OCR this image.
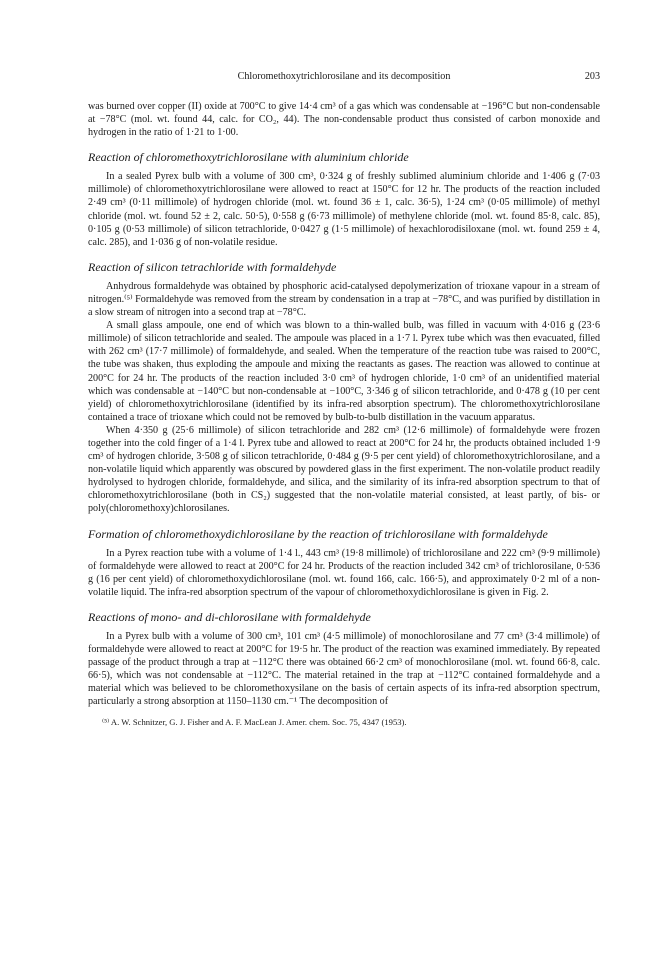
Chloromethoxytrichlorosilane and its decomposition	203

was burned over copper (II) oxide at 700°C to give 14·4 cm³ of a gas which was condensable at −196°C but non-condensable at −78°C (mol. wt. found 44, calc. for CO₂, 44). The non-condensable product thus consisted of carbon monoxide and hydrogen in the ratio of 1·21 to 1·00.

Reaction of chloromethoxytrichlorosilane with aluminium chloride

In a sealed Pyrex bulb with a volume of 300 cm³, 0·324 g of freshly sublimed aluminium chloride and 1·406 g (7·03 millimole) of chloromethoxytrichlorosilane were allowed to react at 150°C for 12 hr. The products of the reaction included 2·49 cm³ (0·11 millimole) of hydrogen chloride (mol. wt. found 36 ± 1, calc. 36·5), 1·24 cm³ (0·05 millimole) of methyl chloride (mol. wt. found 52 ± 2, calc. 50·5), 0·558 g (6·73 millimole) of methylene chloride (mol. wt. found 85·8, calc. 85), 0·105 g (0·53 millimole) of silicon tetrachloride, 0·0427 g (1·5 millimole) of hexachlorodisiloxane (mol. wt. found 259 ± 4, calc. 285), and 1·036 g of non-volatile residue.

Reaction of silicon tetrachloride with formaldehyde

Anhydrous formaldehyde was obtained by phosphoric acid-catalysed depolymerization of trioxane vapour in a stream of nitrogen.⁽⁵⁾ Formaldehyde was removed from the stream by condensation in a trap at −78°C, and was purified by distillation in a slow stream of nitrogen into a second trap at −78°C.

A small glass ampoule, one end of which was blown to a thin-walled bulb, was filled in vacuum with 4·016 g (23·6 millimole) of silicon tetrachloride and sealed. The ampoule was placed in a 1·7 l. Pyrex tube which was then evacuated, filled with 262 cm³ (17·7 millimole) of formaldehyde, and sealed. When the temperature of the reaction tube was raised to 200°C, the tube was shaken, thus exploding the ampoule and mixing the reactants as gases. The reaction was allowed to continue at 200°C for 24 hr. The products of the reaction included 3·0 cm³ of hydrogen chloride, 1·0 cm³ of an unidentified material which was condensable at −140°C but non-condensable at −100°C, 3·346 g of silicon tetrachloride, and 0·478 g (10 per cent yield) of chloromethoxytrichlorosilane (identified by its infra-red absorption spectrum). The chloromethoxytrichlorosilane contained a trace of trioxane which could not be removed by bulb-to-bulb distillation in the vacuum apparatus.

When 4·350 g (25·6 millimole) of silicon tetrachloride and 282 cm³ (12·6 millimole) of formaldehyde were frozen together into the cold finger of a 1·4 l. Pyrex tube and allowed to react at 200°C for 24 hr, the products obtained included 1·9 cm³ of hydrogen chloride, 3·508 g of silicon tetrachloride, 0·484 g (9·5 per cent yield) of chloromethoxytrichlorosilane, and a non-volatile liquid which apparently was obscured by powdered glass in the first experiment. The non-volatile product readily hydrolysed to hydrogen chloride, formaldehyde, and silica, and the similarity of its infra-red absorption spectrum to that of chloromethoxytrichlorosilane (both in CS₂) suggested that the non-volatile material consisted, at least partly, of bis- or poly(chloromethoxy)chlorosilanes.

Formation of chloromethoxydichlorosilane by the reaction of trichlorosilane with formaldehyde

In a Pyrex reaction tube with a volume of 1·4 l., 443 cm³ (19·8 millimole) of trichlorosilane and 222 cm³ (9·9 millimole) of formaldehyde were allowed to react at 200°C for 24 hr. Products of the reaction included 342 cm³ of trichlorosilane, 0·536 g (16 per cent yield) of chloromethoxydichlorosilane (mol. wt. found 166, calc. 166·5), and approximately 0·2 ml of a non-volatile liquid. The infra-red absorption spectrum of the vapour of chloromethoxydichlorosilane is given in Fig. 2.

Reactions of mono- and di-chlorosilane with formaldehyde

In a Pyrex bulb with a volume of 300 cm³, 101 cm³ (4·5 millimole) of monochlorosilane and 77 cm³ (3·4 millimole) of formaldehyde were allowed to react at 200°C for 19·5 hr. The product of the reaction was examined immediately. By repeated passage of the product through a trap at −112°C there was obtained 66·2 cm³ of monochlorosilane (mol. wt. found 66·8, calc. 66·5), which was not condensable at −112°C. The material retained in the trap at −112°C contained formaldehyde and a material which was believed to be chloromethoxysilane on the basis of certain aspects of its infra-red absorption spectrum, particularly a strong absorption at 1150–1130 cm.⁻¹ The decomposition of

⁽⁵⁾ A. W. Schnitzer, G. J. Fisher and A. F. MacLean J. Amer. chem. Soc. 75, 4347 (1953).
